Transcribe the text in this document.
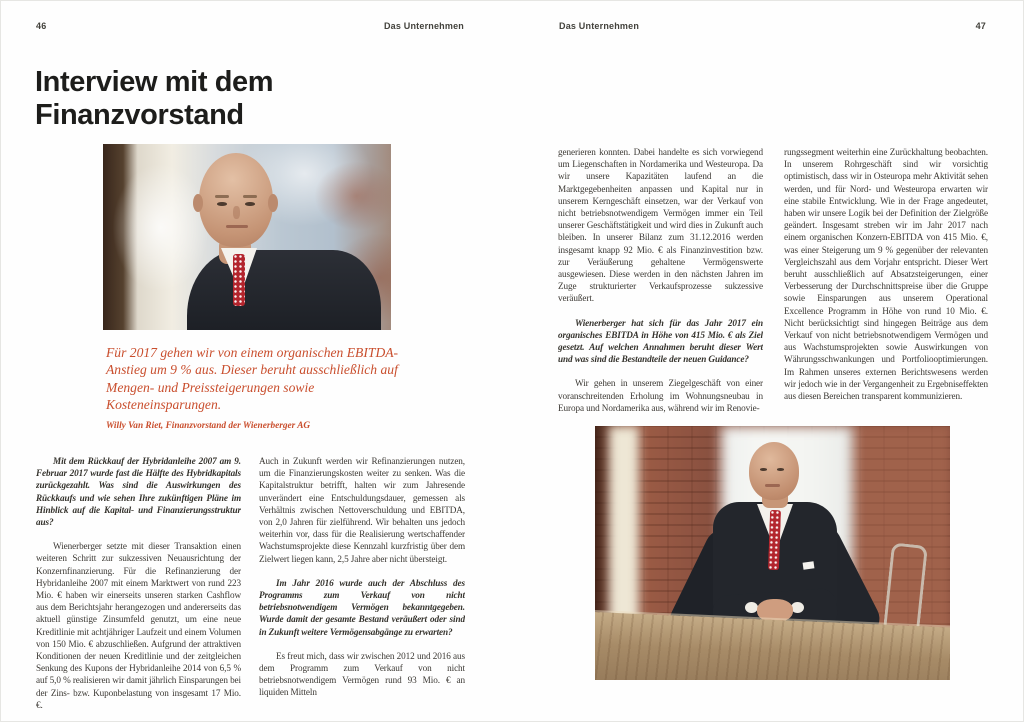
46	Das Unternehmen	Das Unternehmen	47
Interview mit dem
Finanzvorstand
Für 2017 gehen wir von einem organischen EBITDA-Anstieg um 9 % aus. Dieser beruht ausschließlich auf Mengen- und Preissteigerungen sowie Kosteneinsparungen.
Willy Van Riet, Finanzvorstand der Wienerberger AG

Mit dem Rückkauf der Hybridanleihe 2007 am 9. Februar 2017 wurde fast die Hälfte des Hybridkapitals zurückgezahlt. Was sind die Auswirkungen des Rückkaufs und wie sehen Ihre zukünftigen Pläne im Hinblick auf die Kapital- und Finanzierungsstruktur aus?

Wienerberger setzte mit dieser Transaktion einen weiteren Schritt zur sukzessiven Neuausrichtung der Konzernfinanzierung. Für die Refinanzierung der Hybridanleihe 2007 mit einem Marktwert von rund 223 Mio. € haben wir einerseits unseren starken Cashflow aus dem Berichtsjahr herangezogen und andererseits das aktuell günstige Zinsumfeld genutzt, um eine neue Kreditlinie mit achtjähriger Laufzeit und einem Volumen von 150 Mio. € abzuschließen. Aufgrund der attraktiven Konditionen der neuen Kreditlinie und der zeitgleichen Senkung des Kupons der Hybridanleihe 2014 von 6,5 % auf 5,0 % realisieren wir damit jährlich Einsparungen bei der Zins- bzw. Kuponbelastung von insgesamt 17 Mio. €.

Auch in Zukunft werden wir Refinanzierungen nutzen, um die Finanzierungskosten weiter zu senken. Was die Kapitalstruktur betrifft, halten wir zum Jahresende unverändert eine Entschuldungsdauer, gemessen als Verhältnis zwischen Nettoverschuldung und EBITDA, von 2,0 Jahren für zielführend. Wir behalten uns jedoch weiterhin vor, dass für die Realisierung wertschaffender Wachstumsprojekte diese Kennzahl kurzfristig über dem Zielwert liegen kann, 2,5 Jahre aber nicht übersteigt.

Im Jahr 2016 wurde auch der Abschluss des Programms zum Verkauf von nicht betriebsnotwendigem Vermögen bekanntgegeben. Wurde damit der gesamte Bestand veräußert oder sind in Zukunft weitere Vermögensabgänge zu erwarten?

Es freut mich, dass wir zwischen 2012 und 2016 aus dem Programm zum Verkauf von nicht betriebsnotwendigem Vermögen rund 93 Mio. € an liquiden Mitteln

generieren konnten. Dabei handelte es sich vorwiegend um Liegenschaften in Nordamerika und Westeuropa. Da wir unsere Kapazitäten laufend an die Marktgegebenheiten anpassen und Kapital nur in unserem Kerngeschäft einsetzen, war der Verkauf von nicht betriebsnotwendigem Vermögen immer ein Teil unserer Geschäftstätigkeit und wird dies in Zukunft auch bleiben. In unserer Bilanz zum 31.12.2016 werden insgesamt knapp 92 Mio. € als Finanzinvestition bzw. zur Veräußerung gehaltene Vermögenswerte ausgewiesen. Diese werden in den nächsten Jahren im Zuge strukturierter Verkaufsprozesse sukzessive veräußert.

Wienerberger hat sich für das Jahr 2017 ein organisches EBITDA in Höhe von 415 Mio. € als Ziel gesetzt. Auf welchen Annahmen beruht dieser Wert und was sind die Bestandteile der neuen Guidance?

Wir gehen in unserem Ziegelgeschäft von einer voranschreitenden Erholung im Wohnungsneubau in Europa und Nordamerika aus, während wir im Renovie-

rungssegment weiterhin eine Zurückhaltung beobachten. In unserem Rohrgeschäft sind wir vorsichtig optimistisch, dass wir in Osteuropa mehr Aktivität sehen werden, und für Nord- und Westeuropa erwarten wir eine stabile Entwicklung. Wie in der Frage angedeutet, haben wir unsere Logik bei der Definition der Zielgröße geändert. Insgesamt streben wir im Jahr 2017 nach einem organischen Konzern-EBITDA von 415 Mio. €, was einer Steigerung um 9 % gegenüber der relevanten Vergleichszahl aus dem Vorjahr entspricht. Dieser Wert beruht ausschließlich auf Absatzsteigerungen, einer Verbesserung der Durchschnittspreise über die Gruppe sowie Einsparungen aus unserem Operational Excellence Programm in Höhe von rund 10 Mio. €. Nicht berücksichtigt sind hingegen Beiträge aus dem Verkauf von nicht betriebsnotwendigem Vermögen und aus Wachstumsprojekten sowie Auswirkungen von Währungsschwankungen und Portfoliooptimierungen. Im Rahmen unseres externen Berichtswesens werden wir jedoch wie in der Vergangenheit zu Ergebniseffekten aus diesen Bereichen transparent kommunizieren.
